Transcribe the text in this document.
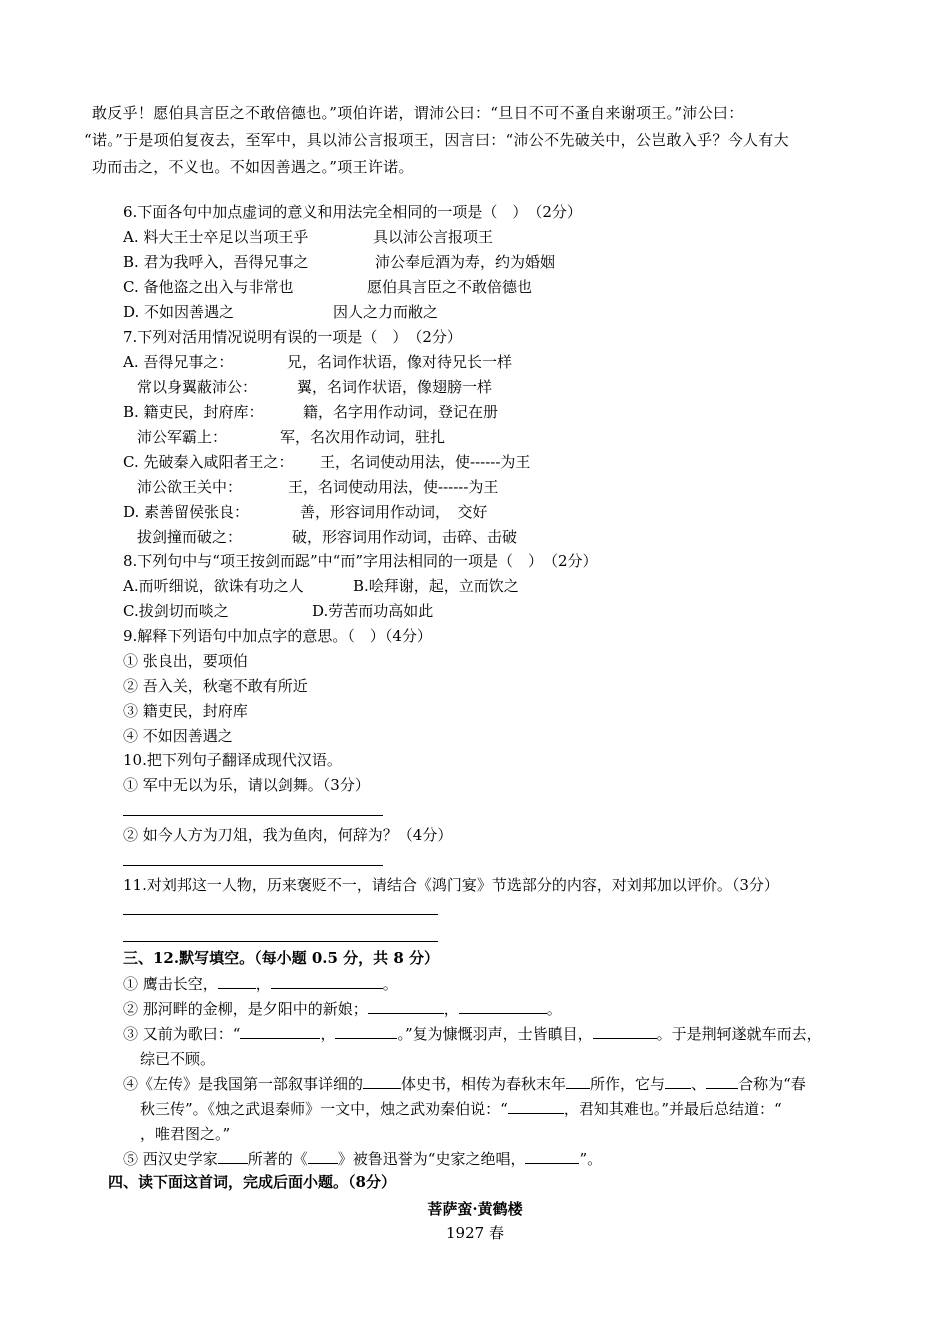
敢反乎！愿伯具言臣之不敢倍德也。”项伯许诺，谓沛公曰：“旦日不可不蚤自来谢项王。”沛公曰：
“诺。”于是项伯复夜去，至军中，具以沛公言报项王，因言曰：“沛公不先破关中，公岂敢入乎？今人有大
功而击之，不义也。不如因善遇之。”项王许诺。
6.下面各句中加点虚词的意义和用法完全相同的一项是（　）　（2分）
A. 料大王士卒足以当项王乎	具以沛公言报项王
B. 君为我呼入，吾得兄事之	沛公奉卮酒为寿，约为婚姻
C. 备他盗之出入与非常也	愿伯具言臣之不敢倍德也
D. 不如因善遇之	因人之力而敝之
7.下列对活用情况说明有误的一项是（　）　（2分）
A. 吾得兄事之：	兄，名词作状语，像对待兄长一样
常以身翼蔽沛公：	翼，名词作状语，像翅膀一样
B. 籍吏民，封府库：	籍，名字用作动词，登记在册
沛公军霸上：	军，名次用作动词，驻扎
C. 先破秦入咸阳者王之： 王，名词使动用法，使------为王
沛公欲王关中：	王，名词使动用法，使------为王
D. 素善留侯张良：	善，形容词用作动词，　交好
拔剑撞而破之：	破，形容词用作动词，击碎、击破
8.下列句中与“项王按剑而跽”中“而”字用法相同的一项是（　）　（2分）
A.而听细说，欲诛有功之人	B.哙拜谢，起，立而饮之
C.拔剑切而啖之	D.劳苦而功高如此
9.解释下列语句中加点字的意思。（　）（4分）
① 张良出，要项伯
② 吾入关，秋毫不敢有所近
③ 籍吏民，封府库
④ 不如因善遇之
10.把下列句子翻译成现代汉语。
① 军中无以为乐，请以剑舞。（3分）
② 如今人方为刀俎，我为鱼肉，何辞为？（4分）
11.对刘邦这一人物，历来褒贬不一，请结合《鸿门宴》节选部分的内容，对刘邦加以评价。（3分）
三、12.默写填空。（每小题 0.5 分，共 8 分）
① 鹰击长空，	，	。
② 那河畔的金柳，是夕阳中的新娘；	，	。
③ 又前为歌曰：“	，	。”复为慷慨羽声，士皆瞋目，	。于是荆轲遂就车而去，
综已不顾。
④《左传》是我国第一部叙事详细的	体史书，相传为春秋末年 所作，它与 、 合称为“春
秋三传”。《烛之武退秦师》一文中，烛之武劝秦伯说：“	，君知其难也。”并最后总结道：“
，唯君图之。”
⑤ 西汉史学家 所著的《 》被鲁迅誉为“史家之绝唱，	”。
四、读下面这首词，完成后面小题。（8分）
菩萨蛮·黄鹤楼
1927 春
